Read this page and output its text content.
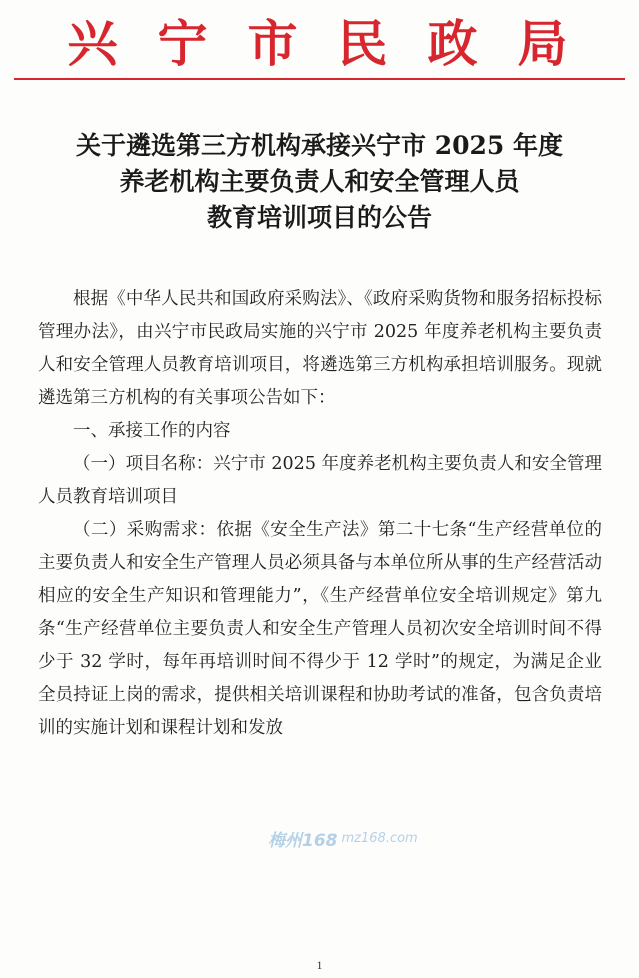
兴宁市民政局
关于遴选第三方机构承接兴宁市 2025 年度
养老机构主要负责人和安全管理人员
教育培训项目的公告

根据《中华人民共和国政府采购法》、《政府采购货物和服务招标投标管理办法》，由兴宁市民政局实施的兴宁市 2025 年度养老机构主要负责人和安全管理人员教育培训项目，将遴选第三方机构承担培训服务。现就遴选第三方机构的有关事项公告如下：

一、承接工作的内容

（一）项目名称：兴宁市 2025 年度养老机构主要负责人和安全管理人员教育培训项目

（二）采购需求：依据《安全生产法》第二十七条“生产经营单位的主要负责人和安全生产管理人员必须具备与本单位所从事的生产经营活动相应的安全生产知识和管理能力”，《生产经营单位安全培训规定》第九条“生产经营单位主要负责人和安全生产管理人员初次安全培训时间不得少于 32 学时，每年再培训时间不得少于 12 学时”的规定，为满足企业全员持证上岗的需求，提供相关培训课程和协助考试的准备，包含负责培训的实施计划和课程计划和发放

梅州168 mz168.com
1
